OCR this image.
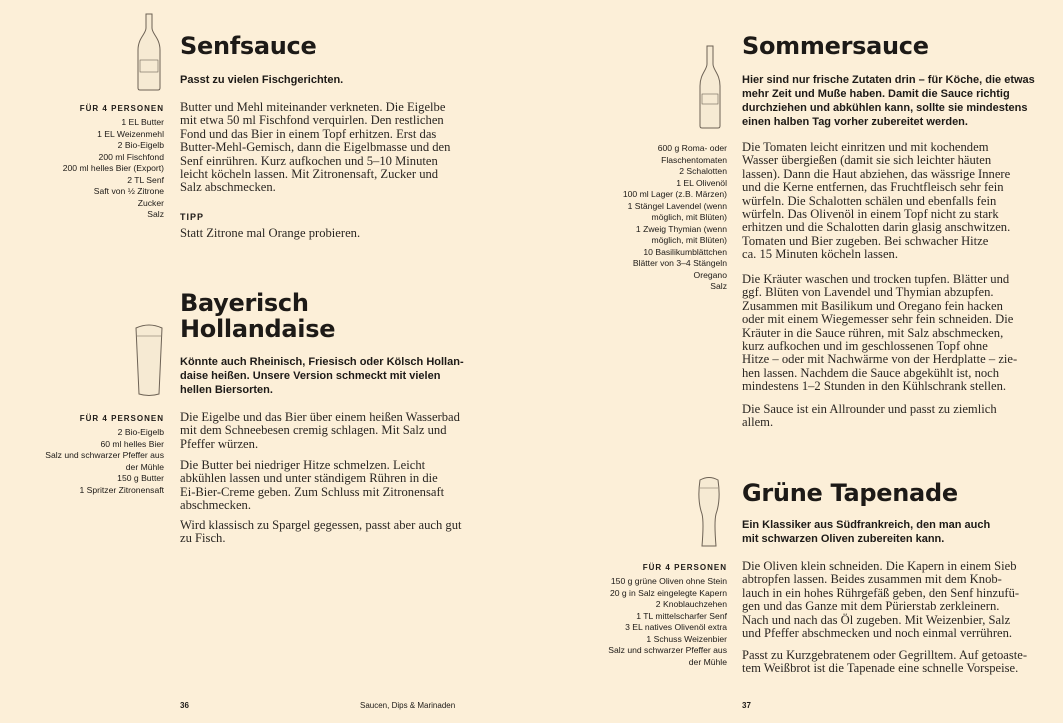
Senfsauce
Passt zu vielen Fischgerichten.
FÜR 4 PERSONEN
1 EL Butter
1 EL Weizenmehl
2 Bio-Eigelb
200 ml Fischfond
200 ml helles Bier (Export)
2 TL Senf
Saft von ½ Zitrone
Zucker
Salz
Butter und Mehl miteinander verkneten. Die Eigelbe
mit etwa 50 ml Fischfond verquirlen. Den restlichen
Fond und das Bier in einem Topf erhitzen. Erst das
Butter-Mehl-Gemisch, dann die Eigelbmasse und den
Senf einrühren. Kurz aufkochen und 5–10 Minuten
leicht köcheln lassen. Mit Zitronensaft, Zucker und
Salz abschmecken.
TIPP
Statt Zitrone mal Orange probieren.
Bayerisch
Hollandaise
Könnte auch Rheinisch, Friesisch oder Kölsch Hollan-
daise heißen. Unsere Version schmeckt mit vielen
hellen Biersorten.
FÜR 4 PERSONEN
2 Bio-Eigelb
60 ml helles Bier
Salz und schwarzer Pfeffer aus
der Mühle
150 g Butter
1 Spritzer Zitronensaft
Die Eigelbe und das Bier über einem heißen Wasserbad
mit dem Schneebesen cremig schlagen. Mit Salz und
Pfeffer würzen.
Die Butter bei niedriger Hitze schmelzen. Leicht
abkühlen lassen und unter ständigem Rühren in die
Ei-Bier-Creme geben. Zum Schluss mit Zitronensaft
abschmecken.
Wird klassisch zu Spargel gegessen, passt aber auch gut
zu Fisch.
36	Saucen, Dips & Marinaden
Sommersauce
Hier sind nur frische Zutaten drin – für Köche, die etwas
mehr Zeit und Muße haben. Damit die Sauce richtig
durchziehen und abkühlen kann, sollte sie mindestens
einen halben Tag vorher zubereitet werden.
600 g Roma- oder
Flaschentomaten
2 Schalotten
1 EL Olivenöl
100 ml Lager (z.B. Märzen)
1 Stängel Lavendel (wenn
möglich, mit Blüten)
1 Zweig Thymian (wenn
möglich, mit Blüten)
10 Basilikumblättchen
Blätter von 3–4 Stängeln
Oregano
Salz
Die Tomaten leicht einritzen und mit kochendem
Wasser übergießen (damit sie sich leichter häuten
lassen). Dann die Haut abziehen, das wässrige Innere
und die Kerne entfernen, das Fruchtfleisch sehr fein
würfeln. Die Schalotten schälen und ebenfalls fein
würfeln. Das Olivenöl in einem Topf nicht zu stark
erhitzen und die Schalotten darin glasig anschwitzen.
Tomaten und Bier zugeben. Bei schwacher Hitze
ca. 15 Minuten köcheln lassen.
Die Kräuter waschen und trocken tupfen. Blätter und
ggf. Blüten von Lavendel und Thymian abzupfen.
Zusammen mit Basilikum und Oregano fein hacken
oder mit einem Wiegemesser sehr fein schneiden. Die
Kräuter in die Sauce rühren, mit Salz abschmecken,
kurz aufkochen und im geschlossenen Topf ohne
Hitze – oder mit Nachwärme von der Herdplatte – zie-
hen lassen. Nachdem die Sauce abgekühlt ist, noch
mindestens 1–2 Stunden in den Kühlschrank stellen.
Die Sauce ist ein Allrounder und passt zu ziemlich
allem.
Grüne Tapenade
Ein Klassiker aus Südfrankreich, den man auch
mit schwarzen Oliven zubereiten kann.
FÜR 4 PERSONEN
150 g grüne Oliven ohne Stein
20 g in Salz eingelegte Kapern
2 Knoblauchzehen
1 TL mittelscharfer Senf
3 EL natives Olivenöl extra
1 Schuss Weizenbier
Salz und schwarzer Pfeffer aus
der Mühle
Die Oliven klein schneiden. Die Kapern in einem Sieb
abtropfen lassen. Beides zusammen mit dem Knob-
lauch in ein hohes Rührgefäß geben, den Senf hinzufü-
gen und das Ganze mit dem Pürierstab zerkleinern.
Nach und nach das Öl zugeben. Mit Weizenbier, Salz
und Pfeffer abschmecken und noch einmal verrühren.
Passt zu Kurzgebratenem oder Gegrilltem. Auf getoaste-
tem Weißbrot ist die Tapenade eine schnelle Vorspeise.
37
